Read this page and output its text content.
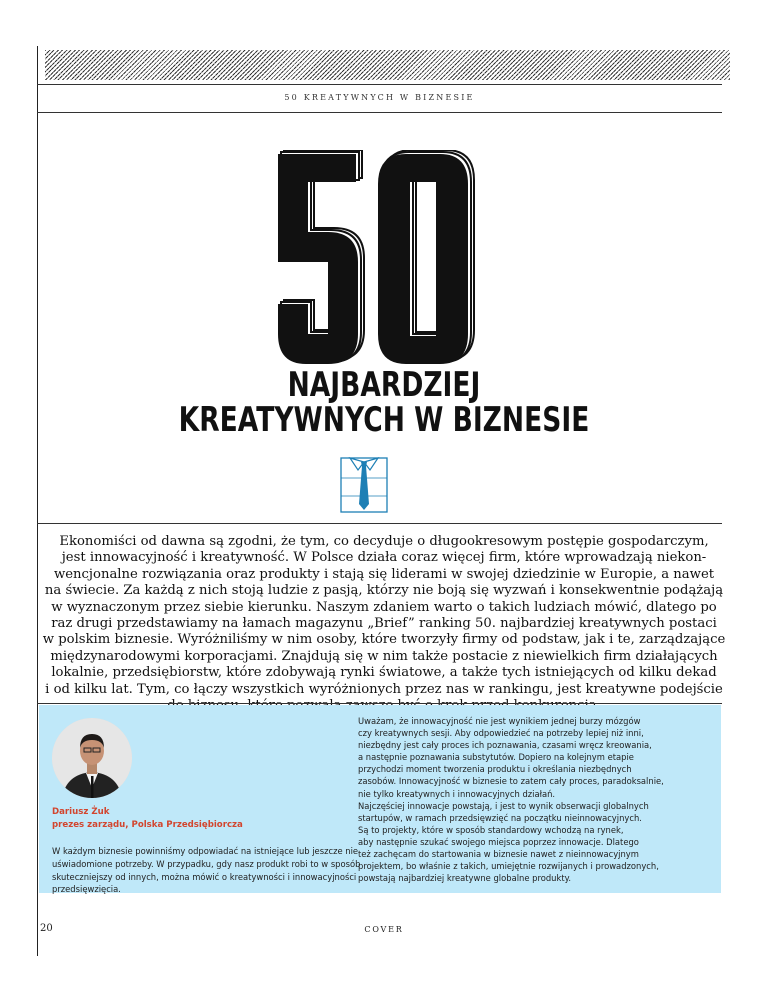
50 KREATYWNYCH W BIZNESIE
50
NAJBARDZIEJ
KREATYWNYCH W BIZNESIE
Ekonomiści od dawna są zgodni, że tym, co decyduje o długookresowym postępie gospodarczym,
jest innowacyjność i kreatywność. W Polsce działa coraz więcej firm, które wprowadzają niekon-
wencjonalne rozwiązania oraz produkty i stają się liderami w swojej dziedzinie w Europie, a nawet
na świecie. Za każdą z nich stoją ludzie z pasją, którzy nie boją się wyzwań i konsekwentnie podążają
w wyznaczonym przez siebie kierunku. Naszym zdaniem warto o takich ludziach mówić, dlatego po
raz drugi przedstawiamy na łamach magazynu „Brief” ranking 50. najbardziej kreatywnych postaci
w polskim biznesie. Wyróżniliśmy w nim osoby, które tworzyły firmy od podstaw, jak i te, zarządzające
międzynarodowymi korporacjami. Znajdują się w nim także postacie z niewielkich firm działających
lokalnie, przedsiębiorstw, które zdobywają rynki światowe, a także tych istniejących od kilku dekad
i od kilku lat. Tym, co łączy wszystkich wyróżnionych przez nas w rankingu, jest kreatywne podejście
Dariusz Żuk
prezes zarządu, Polska Przedsiębiorcza
W każdym biznesie powinniśmy odpowiadać na istniejące lub jeszcze nie
uświadomione potrzeby. W przypadku, gdy nasz produkt robi to w sposób
skuteczniejszy od innych, można mówić o kreatywności i innowacyjności
przedsięwzięcia.
Uważam, że innowacyjność nie jest wynikiem jednej burzy mózgów
czy kreatywnych sesji. Aby odpowiedzieć na potrzeby lepiej niż inni,
niezbędny jest cały proces ich poznawania, czasami wręcz kreowania,
a następnie poznawania substytutów. Dopiero na kolejnym etapie
przychodzi moment tworzenia produktu i określania niezbędnych
zasobów. Innowacyjność w biznesie to zatem cały proces, paradoksalnie,
nie tylko kreatywnych i innowacyjnych działań.
Najczęściej innowacje powstają, i jest to wynik obserwacji globalnych
startupów, w ramach przedsięwzięć na początku nieinnowacyjnych.
Są to projekty, które w sposób standardowy wchodzą na rynek,
aby następnie szukać swojego miejsca poprzez innowacje. Dlatego
też zachęcam do startowania w biznesie nawet z nieinnowacyjnym
projektem, bo właśnie z takich, umiejętnie rozwijanych i prowadzonych,
powstają najbardziej kreatywne globalne produkty.
20	COVER
